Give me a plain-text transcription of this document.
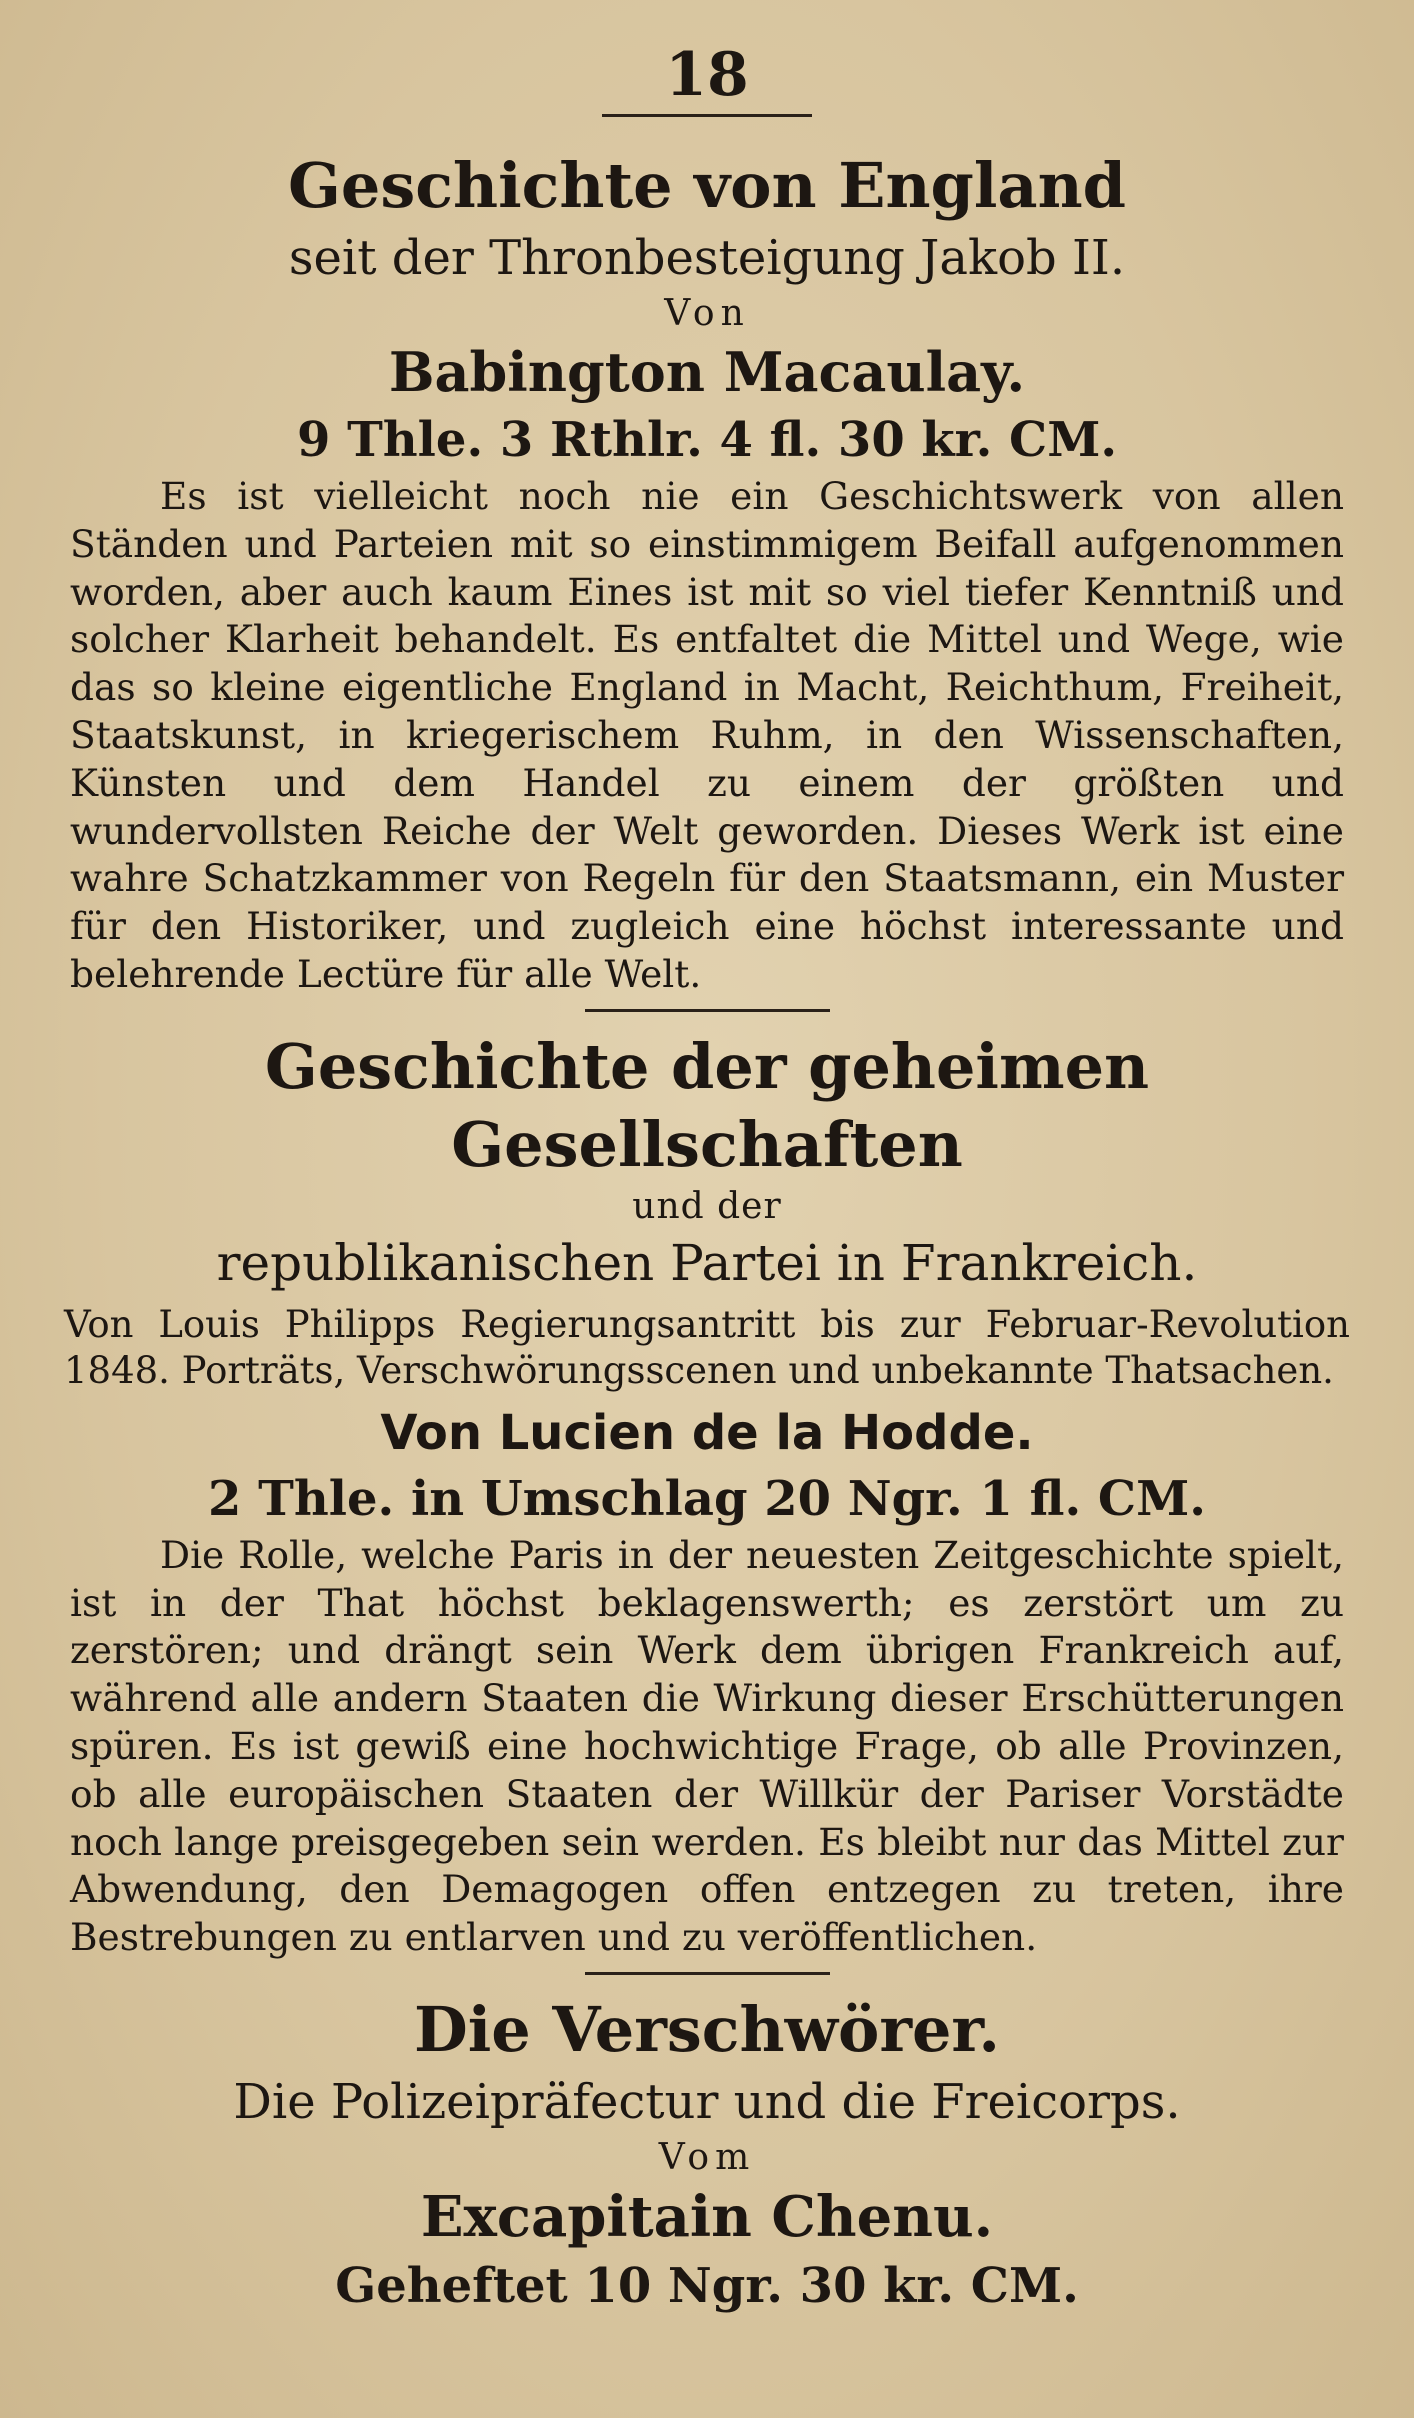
18
Geschichte von England
seit der Thronbesteigung Jakob II.
Von
Babington Macaulay.
9 Thle. 3 Rthlr. 4 fl. 30 kr. CM.
Es ist vielleicht noch nie ein Geschichtswerk von allen Ständen und Parteien mit so einstimmigem Beifall aufgenommen worden, aber auch kaum Eines ist mit so viel tiefer Kenntniß und solcher Klarheit behandelt. Es entfaltet die Mittel und Wege, wie das so kleine eigentliche England in Macht, Reichthum, Freiheit, Staatskunst, in kriegerischem Ruhm, in den Wissenschaften, Künsten und dem Handel zu einem der größten und wundervollsten Reiche der Welt geworden. Dieses Werk ist eine wahre Schatzkammer von Regeln für den Staatsmann, ein Muster für den Historiker, und zugleich eine höchst interessante und belehrende Lectüre für alle Welt.
Geschichte der geheimen Gesellschaften
und der
republikanischen Partei in Frankreich.
Von Louis Philipps Regierungsantritt bis zur Februar-Revolution 1848. Porträts, Verschwörungsscenen und unbekannte Thatsachen.
Von Lucien de la Hodde.
2 Thle. in Umschlag 20 Ngr. 1 fl. CM.
Die Rolle, welche Paris in der neuesten Zeitgeschichte spielt, ist in der That höchst beklagenswerth; es zerstört um zu zerstören; und drängt sein Werk dem übrigen Frankreich auf, während alle andern Staaten die Wirkung dieser Erschütterungen spüren. Es ist gewiß eine hochwichtige Frage, ob alle Provinzen, ob alle europäischen Staaten der Willkür der Pariser Vorstädte noch lange preisgegeben sein werden. Es bleibt nur das Mittel zur Abwendung, den Demagogen offen entzegen zu treten, ihre Bestrebungen zu entlarven und zu veröffentlichen.
Die Verschwörer.
Die Polizeipräfectur und die Freicorps.
Vom
Excapitain Chenu.
Geheftet 10 Ngr. 30 kr. CM.
